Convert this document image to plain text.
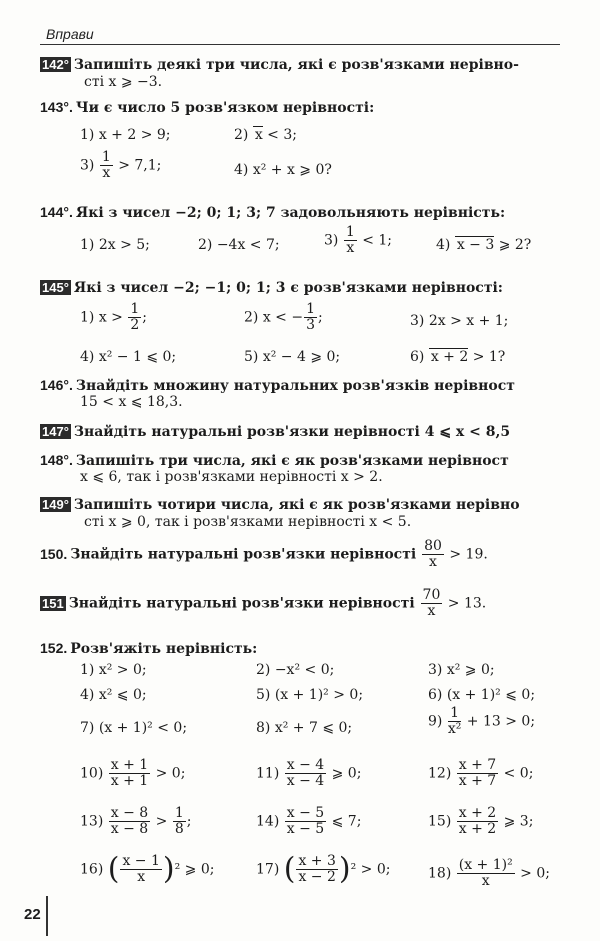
Вправи
142° Запишіть деякі три числа, які є розв'язками нерівно-
сті x ⩾ −3.
143°. Чи є число 5 розв'язком нерівності:
1) x + 2 > 9;	2) x < 3;
$3) \frac{1}{x} > 7,1$;	4) x² + x ⩾ 0?
144°. Які з чисел −2; 0; 1; 3; 7 задовольняють нерівність:
1) 2x > 5;	2) −4x < 7;	$3) \frac{1}{x} < 1$;	4) x − 3 ⩾ 2?
145° Які з чисел −2; −1; 0; 1; 3 є розв'язками нерівності:
1) $x > \frac{1}{2}$ ;	2) x < − $\frac{1}{3}$ ;	3) 2x > x + 1;
4) x² − 1 ⩽ 0;	5) x² − 4 ⩾ 0;	6) x + 2 > 1?
146°. Знайдіть множину натуральних розв'язків нерівност
15 < x ⩽ 18,3.
147° Знайдіть натуральні розв'язки нерівності 4 ⩽ x < 8,5
148°. Запишіть три числа, які є як розв'язками нерівност
x ⩽ 6, так і розв'язками нерівності x > 2.
149° Запишіть чотири числа, які є як розв'язками нерівно
сті x ⩾ 0, так і розв'язками нерівності x < 5.
150. Знайдіть натуральні розв'язки нерівності $\frac{80}{x} > 19$.
151 Знайдіть натуральні розв'язки нерівності $\frac{70}{x} > 13$.
152. Розв'яжіть нерівність:
1) x² > 0;	2) −x² < 0;	3) x² ⩾ 0;
4) x² ⩽ 0;	5) (x + 1)² > 0;	6) (x + 1)² ⩽ 0;
7) (x + 1)² < 0;	8) x² + 7 ⩽ 0;	$9) \frac{1}{\text{x²}} + 13 > 0$;
$10) \frac{x + 1}{x + 1} > 0$;	$11) \frac{x - 4}{x - 4}$ ⩾ 0;	$12) \frac{x + 7}{x + 7} < 0$;
$13) \frac{x - 8}{x - 8} > \frac{1}{8}$ ;	$14) \frac{x - 5}{x - 5}$ ⩽ 7;	$15) \frac{x + 2}{x + 2}$ ⩾ 3;
16) ( $\frac{x - 1}{x} )^2$ ⩾ 0;	17) ( $\frac{x + 3}{x - 2} )^2 > 0$;	$18) \frac{\text{(x + 1)²}}{x} > 0$;
22
